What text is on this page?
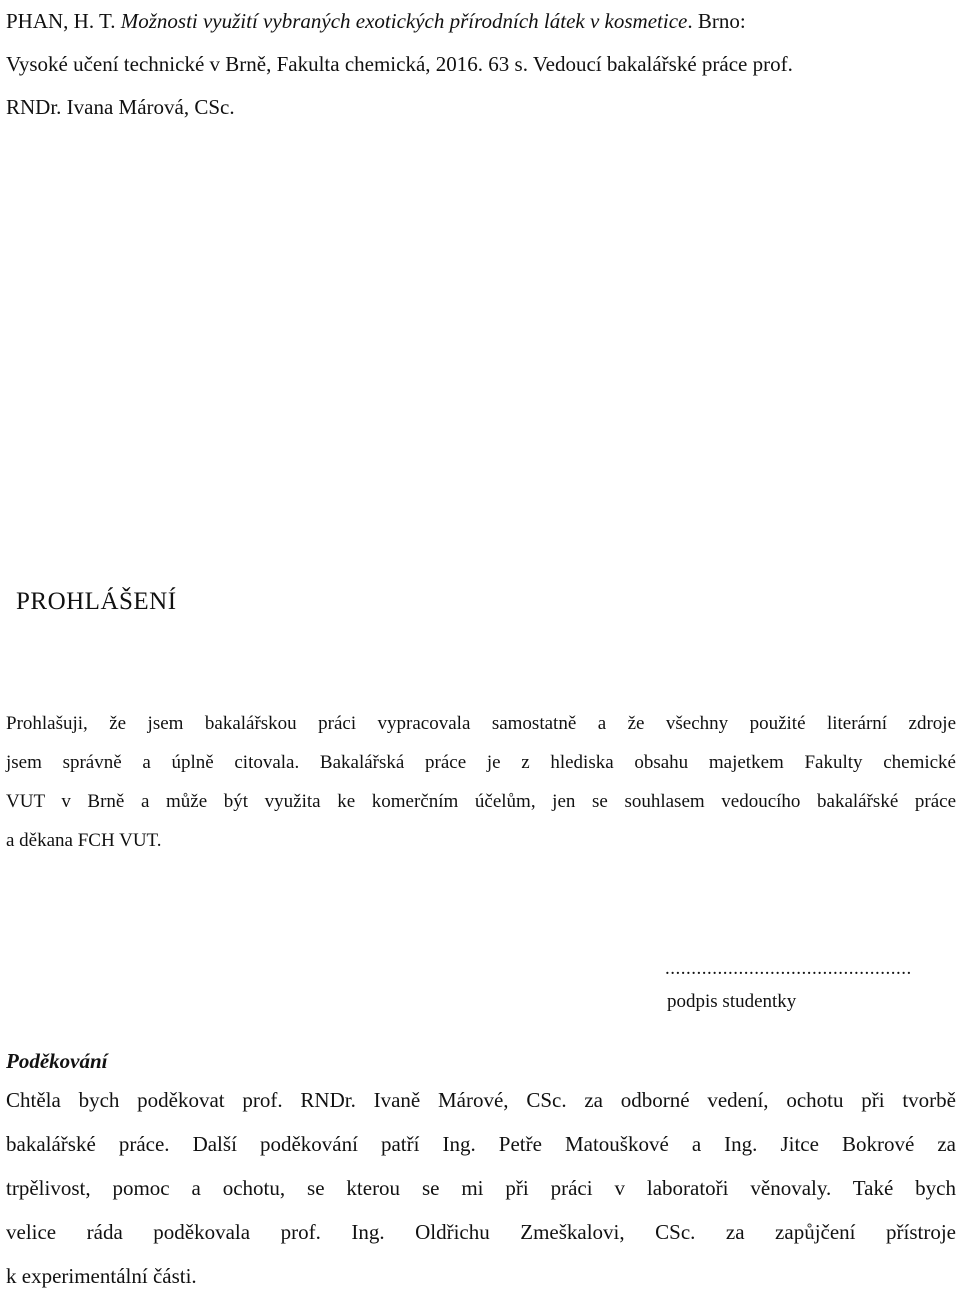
PHAN, H. T. Možnosti využití vybraných exotických přírodních látek v kosmetice. Brno:
Vysoké učení technické v Brně, Fakulta chemická, 2016. 63 s. Vedoucí bakalářské práce prof.
RNDr. Ivana Márová, CSc.
PROHLÁŠENÍ
Prohlašuji, že jsem bakalářskou práci vypracovala samostatně a že všechny použité literární zdroje
jsem správně a úplně citovala. Bakalářská práce je z hlediska obsahu majetkem Fakulty chemické
VUT v Brně a může být využita ke komerčním účelům, jen se souhlasem vedoucího bakalářské práce
a děkana FCH VUT.
...............................................
podpis studentky
Poděkování
Chtěla bych poděkovat prof. RNDr. Ivaně Márové, CSc. za odborné vedení, ochotu při tvorbě
bakalářské práce. Další poděkování patří Ing. Petře Matouškové a Ing. Jitce Bokrové za
trpělivost, pomoc a ochotu, se kterou se mi při práci v laboratoři věnovaly. Také bych
velice ráda poděkovala prof. Ing. Oldřichu Zmeškalovi, CSc. za zapůjčení přístroje
k experimentální části.
